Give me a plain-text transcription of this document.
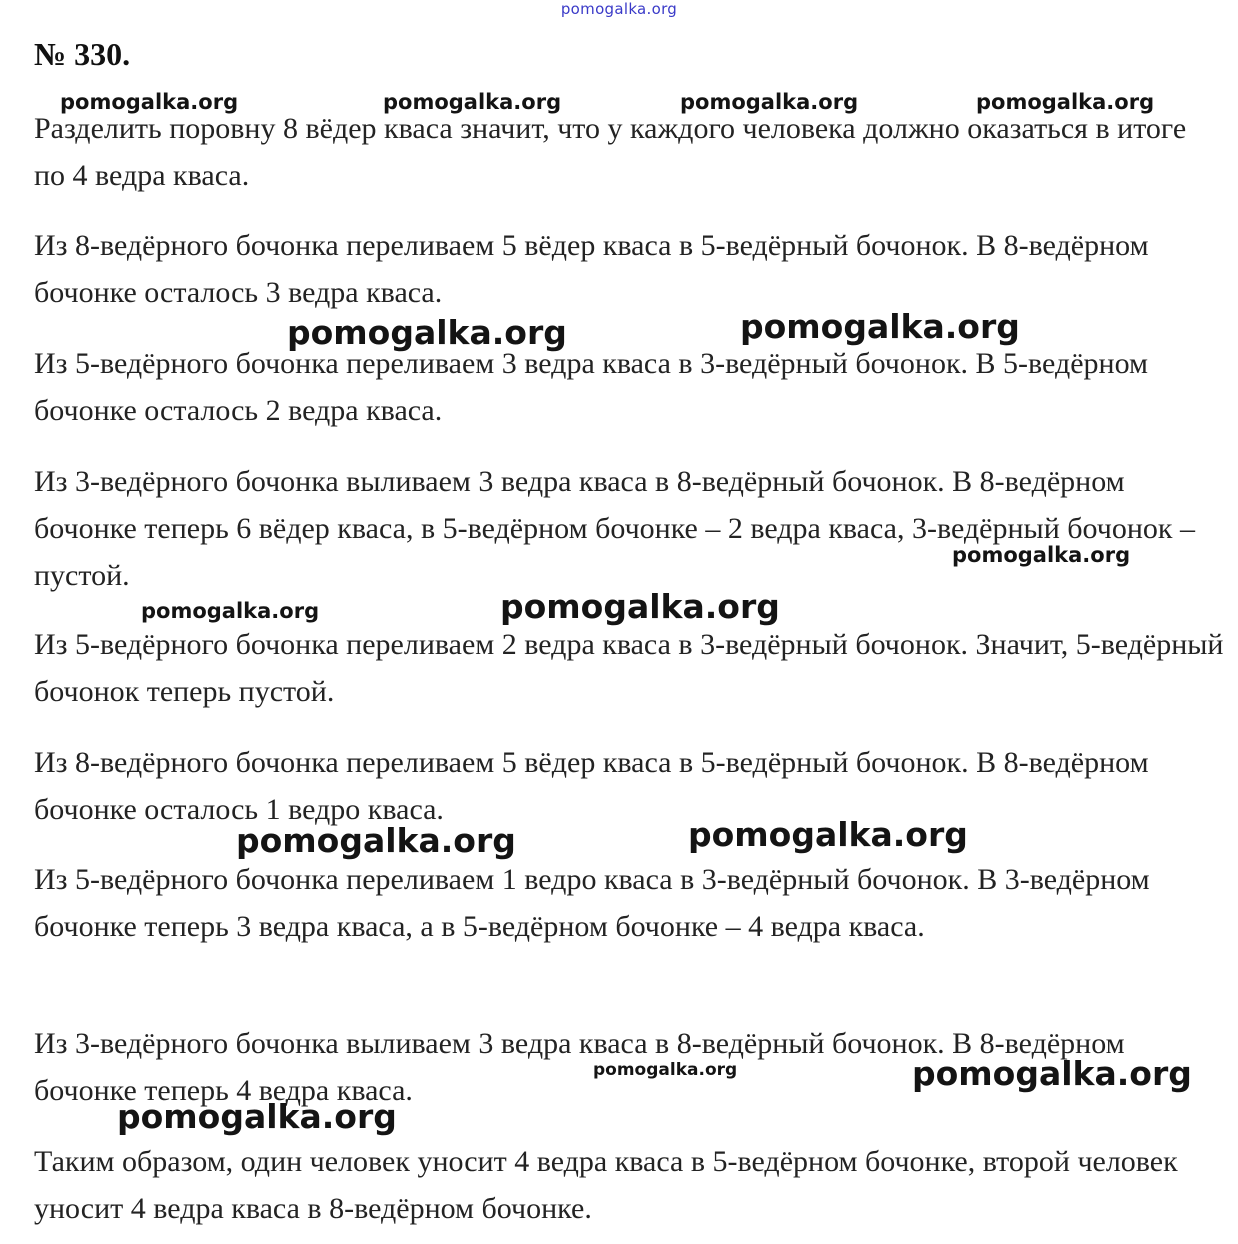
pomogalka.org
№ 330.

Разделить поровну 8 вёдер кваса значит, что у каждого человека должно оказаться в итоге по 4 ведра кваса.

Из 8-ведёрного бочонка переливаем 5 вёдер кваса в 5-ведёрный бочонок. В 8-ведёрном бочонке осталось 3 ведра кваса.

Из 5-ведёрного бочонка переливаем 3 ведра кваса в 3-ведёрный бочонок. В 5-ведёрном бочонке осталось 2 ведра кваса.

Из 3-ведёрного бочонка выливаем 3 ведра кваса в 8-ведёрный бочонок. В 8-ведёрном бочонке теперь 6 вёдер кваса, в 5-ведёрном бочонке – 2 ведра кваса, 3-ведёрный бочонок – пустой.

Из 5-ведёрного бочонка переливаем 2 ведра кваса в 3-ведёрный бочонок. Значит, 5-ведёрный бочонок теперь пустой.

Из 8-ведёрного бочонка переливаем 5 вёдер кваса в 5-ведёрный бочонок. В 8-ведёрном бочонке осталось 1 ведро кваса.

Из 5-ведёрного бочонка переливаем 1 ведро кваса в 3-ведёрный бочонок. В 3-ведёрном бочонке теперь 3 ведра кваса, а в 5-ведёрном бочонке – 4 ведра кваса.

Из 3-ведёрного бочонка выливаем 3 ведра кваса в 8-ведёрный бочонок. В 8-ведёрном бочонке теперь 4 ведра кваса.

Таким образом, один человек уносит 4 ведра кваса в 5-ведёрном бочонке, второй человек уносит 4 ведра кваса в 8-ведёрном бочонке.

pomogalka.org	pomogalka.org	pomogalka.org	pomogalka.org
pomogalka.org	pomogalka.org
pomogalka.org
pomogalka.org	pomogalka.org
pomogalka.org	pomogalka.org
pomogalka.org	pomogalka.org
pomogalka.org
